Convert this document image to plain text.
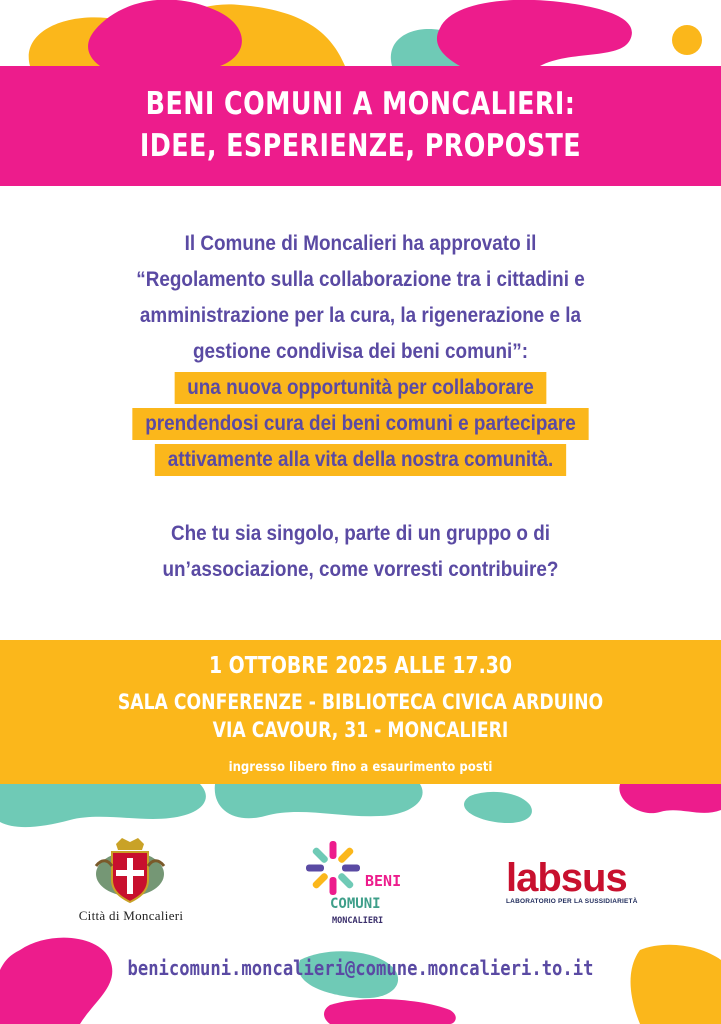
BENI COMUNI A MONCALIERI:
IDEE, ESPERIENZE, PROPOSTE
Il Comune di Moncalieri ha approvato il
“Regolamento sulla collaborazione tra i cittadini e
amministrazione per la cura, la rigenerazione e la
gestione condivisa dei beni comuni”:
una nuova opportunità per collaborare
prendendosi cura dei beni comuni e partecipare
attivamente alla vita della nostra comunità.
Che tu sia singolo, parte di un gruppo o di
un’associazione, come vorresti contribuire?
1 OTTOBRE 2025 ALLE 17.30
SALA CONFERENZE - BIBLIOTECA CIVICA ARDUINO
VIA CAVOUR, 31 - MONCALIERI
ingresso libero fino a esaurimento posti
Città di Moncalieri
BENI
COMUNI
MONCALIERI
labsus
LABORATORIO PER LA SUSSIDIARIETÀ
benicomuni.moncalieri@comune.moncalieri.to.it
